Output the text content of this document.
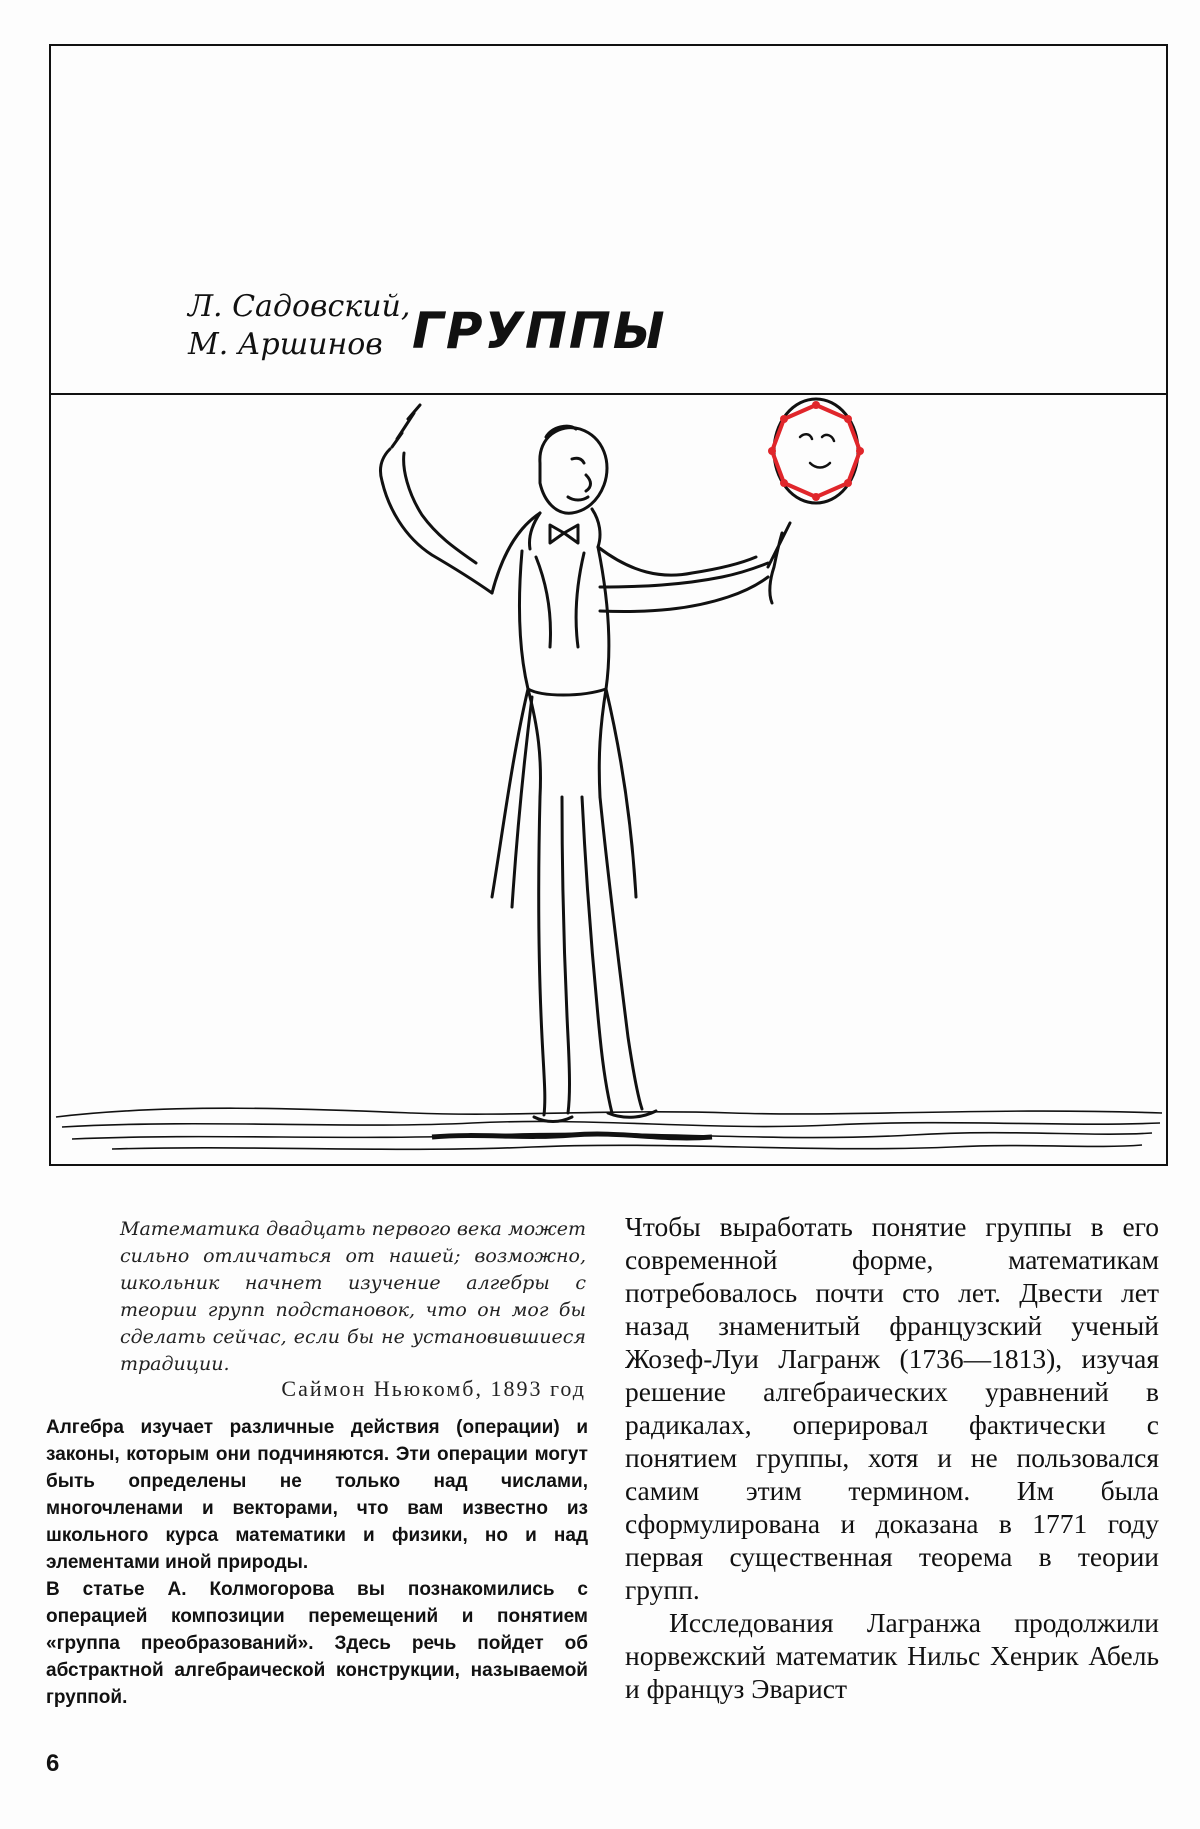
Л. Садовский,
М. Аршинов ГРУППЫ
Математика двадцать первого века может сильно отличаться от нашей; возможно, школьник начнет изучение алгебры с теории групп подстановок, что он мог бы сделать сейчас, если бы не установившиеся традиции.
Саймон Ньюкомб, 1893 год

Алгебра изучает различные действия (операции) и законы, которым они подчиняются. Эти операции могут быть определены не только над числами, многочленами и векторами, что вам известно из школьного курса математики и физики, но и над элементами иной природы.

В статье А. Колмогорова вы познакомились с операцией композиции перемещений и понятием «группа преобразований». Здесь речь пойдет об абстрактной алгебраической конструкции, называемой группой.

Чтобы выработать понятие группы в его современной форме, математикам потребовалось почти сто лет. Двести лет назад знаменитый французский ученый Жозеф-Луи Лагранж (1736—1813), изучая решение алгебраических уравнений в радикалах, оперировал фактически с понятием группы, хотя и не пользовался самим этим термином. Им была сформулирована и доказана в 1771 году первая существенная теорема в теории групп.

Исследования Лагранжа продолжили норвежский математик Нильс Хенрик Абель и француз Эварист

6
